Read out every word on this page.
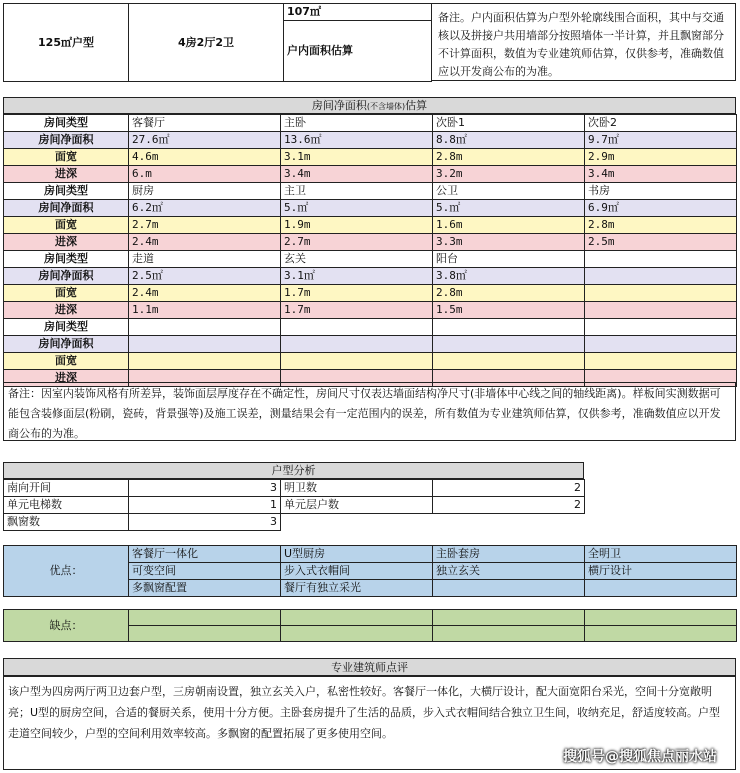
125㎡户型	4房2厅2卫	107㎡
户内面积估算
备注。户内面积估算为户型外轮廓线围合面积，其中与交通核以及拼接户共用墙部分按照墙体一半计算，并且飘窗部分不计算面积，数值为专业建筑师估算，仅供参考，准确数值应以开发商公布的为准。
房间净面积(不含墙体)估算
房间类型	客餐厅	主卧	次卧1	次卧2
房间净面积	27.6㎡	13.6㎡	8.8㎡	9.7㎡
面宽	4.6m	3.1m	2.8m	2.9m
进深	6.m	3.4m	3.2m	3.4m
房间类型	厨房	主卫	公卫	书房
房间净面积	6.2㎡	5.㎡	5.㎡	6.9㎡
面宽	2.7m	1.9m	1.6m	2.8m
进深	2.4m	2.7m	3.3m	2.5m
房间类型	走道	玄关	阳台	
房间净面积	2.5㎡	3.1㎡	3.8㎡	
面宽	2.4m	1.7m	2.8m	
进深	1.1m	1.7m	1.5m	
房间类型				
房间净面积				
面宽				
进深				
备注：因室内装饰风格有所差异，装饰面层厚度存在不确定性，房间尺寸仅表达墙面结构净尺寸(非墙体中心线之间的轴线距离)。样板间实测数据可能包含装修面层(粉刷，瓷砖，背景强等)及施工误差，测量结果会有一定范围内的误差，所有数值为专业建筑师估算，仅供参考，准确数值应以开发商公布的为准。
户型分析
南向开间	3	明卫数	2
单元电梯数	1	单元层户数	2
飘窗数	3		
优点：	客餐厅一体化	U型厨房	主卧套房	全明卫
	可变空间	步入式衣帽间	独立玄关	横厅设计
	多飘窗配置	餐厅有独立采光		
缺点：				

专业建筑师点评
该户型为四房两厅两卫边套户型，三房朝南设置，独立玄关入户，私密性较好。客餐厅一体化，大横厅设计，配大面宽阳台采光，空间十分宽敞明亮；U型的厨房空间，合适的餐厨关系，使用十分方便。主卧套房提升了生活的品质，步入式衣帽间结合独立卫生间，收纳充足，舒适度较高。户型走道空间较少，户型的空间利用效率较高。多飘窗的配置拓展了更多使用空间。
搜狐号@搜狐焦点丽水站
